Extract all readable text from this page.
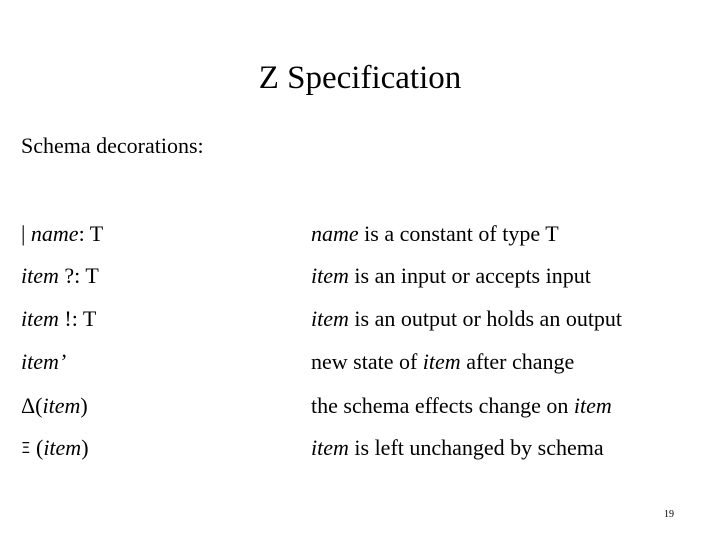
Z Specification
Schema decorations:
| name: T	name is a constant of type T
item ?: T	item is an input or accepts input
item !: T	item is an output or holds an output
item’	new state of item after change
Δ(item)	the schema effects change on item
Ξ (item)	item is left unchanged by schema
19
